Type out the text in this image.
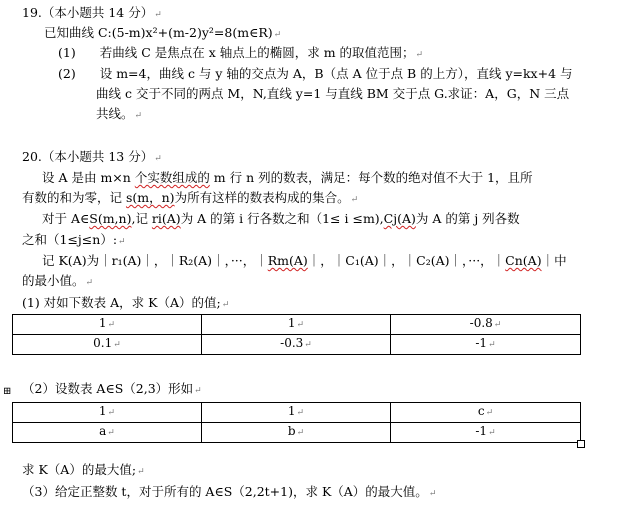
19.（本小题共 14 分）↵
已知曲线 C:(5-m)x²+(m-2)y²=8(m∈R)↵
(1) 若曲线 C 是焦点在 x 轴点上的椭圆，求 m 的取值范围；↵
(2) 设 m=4，曲线 c 与 y 轴的交点为 A，B（点 A 位于点 B 的上方），直线 y=kx+4 与
曲线 c 交于不同的两点 M，N,直线 y=1 与直线 BM 交于点 G.求证：A，G，N 三点
共线。↵
20.（本小题共 13 分）↵
设 A 是由 m×n 个实数组成的 m 行 n 列的数表，满足：每个数的绝对值不大于 1，且所
有数的和为零，记 s(m，n)为所有这样的数表构成的集合。↵
对于 A∈S(m,n),记 ri(A)为 A 的第 i 行各数之和（1≤ i ≤m),Cj(A)为 A 的第 j 列各数
之和（1≤j≤n）:↵
记 K(A)为｜r₁(A)｜，｜R₂(A)｜，···，｜Rm(A)｜，｜C₁(A)｜，｜C₂(A)｜，···，｜Cn(A)｜中
的最小值。↵
(1) 对如下数表 A，求 K（A）的值;↵
1↵	1↵	-0.8↵
0.1↵	-0.3↵	-1↵
⊞ （2）设数表 A∈S（2,3）形如↵
1↵	1↵	c↵
a↵	b↵	-1↵
求 K（A）的最大值;↵
（3）给定正整数 t，对于所有的 A∈S（2,2t+1)，求 K（A）的最大值。↵
